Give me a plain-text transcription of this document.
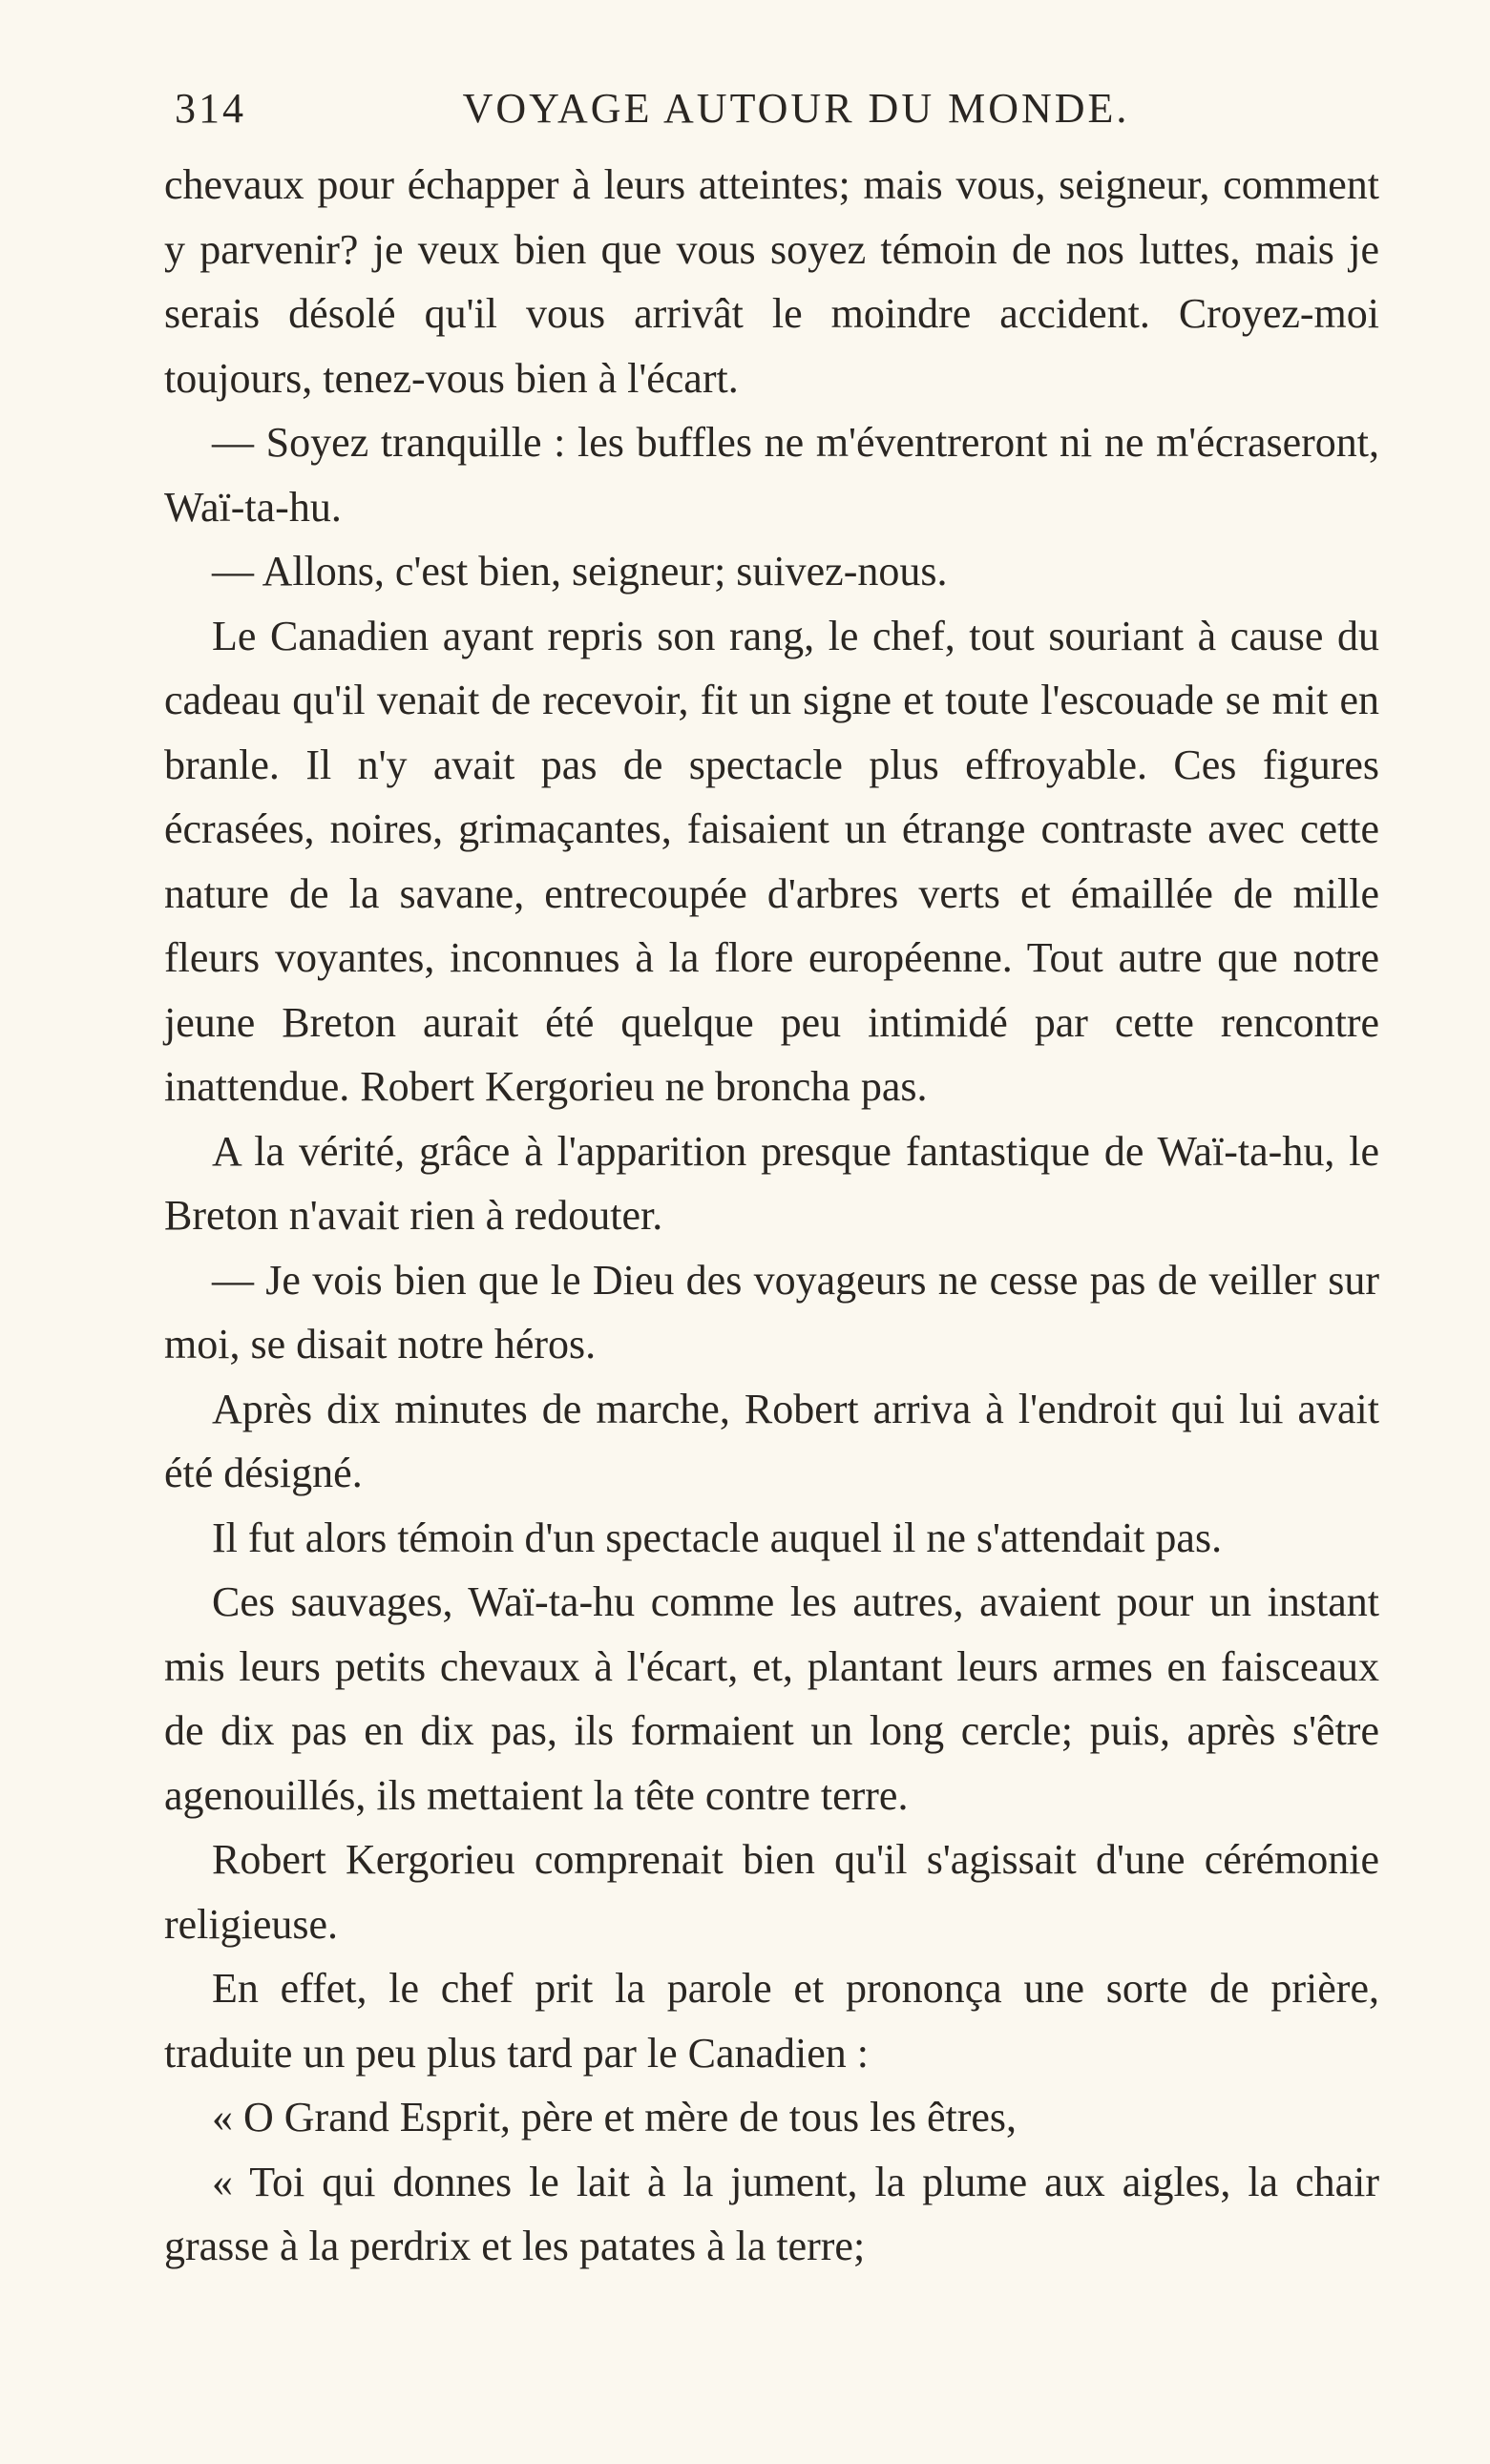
314	VOYAGE AUTOUR DU MONDE.

chevaux pour échapper à leurs atteintes; mais vous, seigneur, comment y parvenir? je veux bien que vous soyez témoin de nos luttes, mais je serais désolé qu'il vous arrivât le moindre accident. Croyez-moi toujours, tenez-vous bien à l'écart.

— Soyez tranquille : les buffles ne m'éventreront ni ne m'écraseront, Waï-ta-hu.

— Allons, c'est bien, seigneur; suivez-nous.

Le Canadien ayant repris son rang, le chef, tout souriant à cause du cadeau qu'il venait de recevoir, fit un signe et toute l'escouade se mit en branle. Il n'y avait pas de spectacle plus effroyable. Ces figures écrasées, noires, grimaçantes, faisaient un étrange contraste avec cette nature de la savane, entrecoupée d'arbres verts et émaillée de mille fleurs voyantes, inconnues à la flore européenne. Tout autre que notre jeune Breton aurait été quelque peu intimidé par cette rencontre inattendue. Robert Kergorieu ne broncha pas.

A la vérité, grâce à l'apparition presque fantastique de Waï-ta-hu, le Breton n'avait rien à redouter.

— Je vois bien que le Dieu des voyageurs ne cesse pas de veiller sur moi, se disait notre héros.

Après dix minutes de marche, Robert arriva à l'endroit qui lui avait été désigné.

Il fut alors témoin d'un spectacle auquel il ne s'attendait pas.

Ces sauvages, Waï-ta-hu comme les autres, avaient pour un instant mis leurs petits chevaux à l'écart, et, plantant leurs armes en faisceaux de dix pas en dix pas, ils formaient un long cercle; puis, après s'être agenouillés, ils mettaient la tête contre terre.

Robert Kergorieu comprenait bien qu'il s'agissait d'une cérémonie religieuse.

En effet, le chef prit la parole et prononça une sorte de prière, traduite un peu plus tard par le Canadien :

« O Grand Esprit, père et mère de tous les êtres,

« Toi qui donnes le lait à la jument, la plume aux aigles, la chair grasse à la perdrix et les patates à la terre;
